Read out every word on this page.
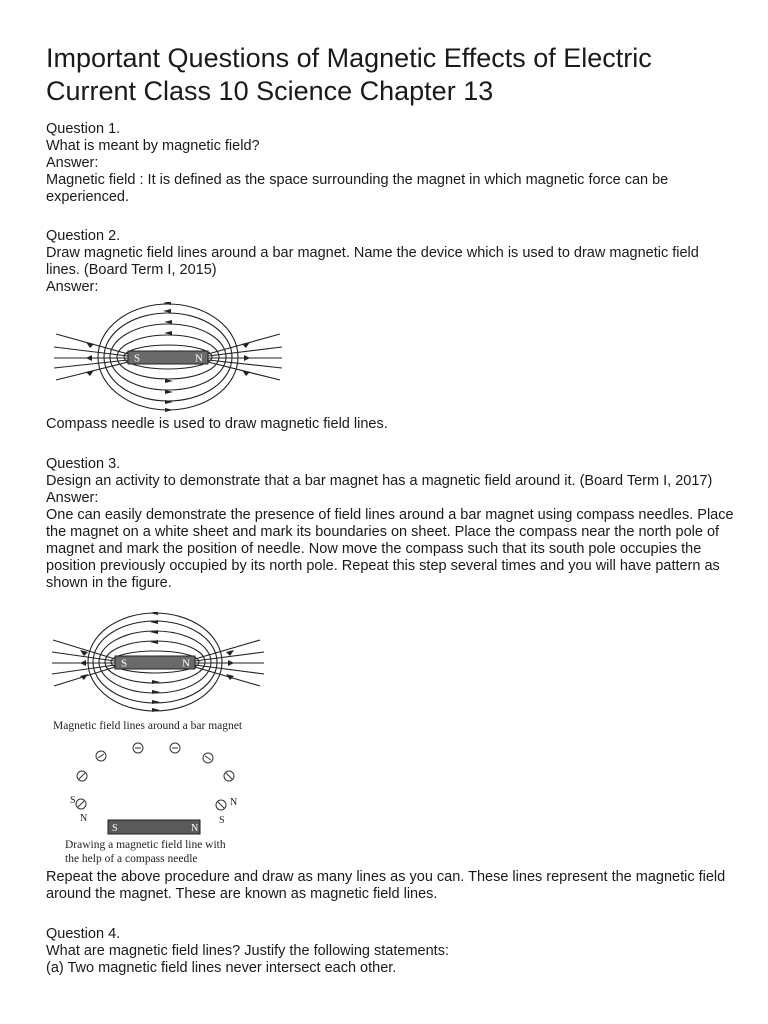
Important Questions of Magnetic Effects of Electric Current Class 10 Science Chapter 13

Question 1.

What is meant by magnetic field?

Answer:

Magnetic field : It is defined as the space surrounding the magnet in which magnetic force can be experienced.

Question 2.

Draw magnetic field lines around a bar magnet. Name the device which is used to draw magnetic field lines. (Board Term I, 2015)

Answer:

S	N

Compass needle is used to draw magnetic field lines.

Question 3.

Design an activity to demonstrate that a bar magnet has a magnetic field around it. (Board Term I, 2017)

Answer:

One can easily demonstrate the presence of field lines around a bar magnet using compass needles. Place the magnet on a white sheet and mark its boundaries on sheet. Place the compass near the north pole of magnet and mark the position of needle. Now move the compass such that its south pole occupies the position previously occupied by its north pole. Repeat this step several times and you will have pattern as shown in the figure.

S	N
Magnetic field lines around a bar magnet
S
N
N
S
S	N
Drawing a magnetic field line with
the help of a compass needle

Repeat the above procedure and draw as many lines as you can. These lines represent the magnetic field around the magnet. These are known as magnetic field lines.

Question 4.

What are magnetic field lines? Justify the following statements:

(a) Two magnetic field lines never intersect each other.
